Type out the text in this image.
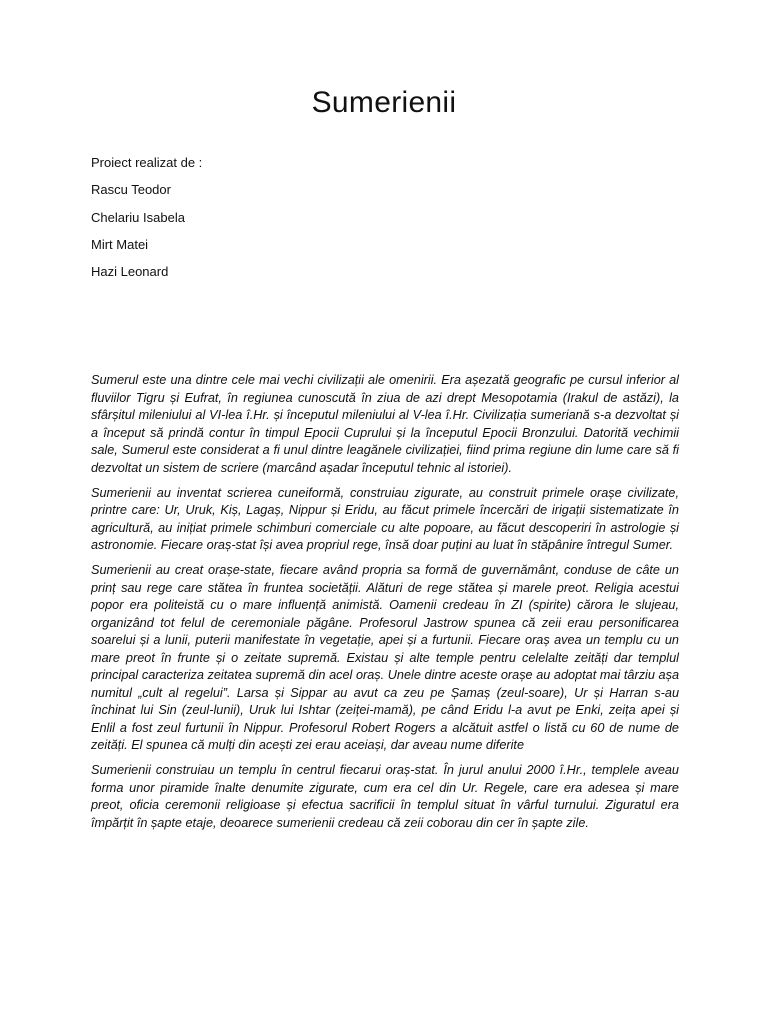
Sumerienii
Proiect realizat de :
Rascu Teodor
Chelariu Isabela
Mirt Matei
Hazi Leonard

Sumerul este una dintre cele mai vechi civilizații ale omenirii. Era așezată geografic pe cursul inferior al fluviilor Tigru și Eufrat, în regiunea cunoscută în ziua de azi drept Mesopotamia (Irakul de astăzi), la sfârșitul mileniului al VI-lea î.Hr. și începutul mileniului al V-lea î.Hr. Civilizația sumeriană s-a dezvoltat și a început să prindă contur în timpul Epocii Cuprului și la începutul Epocii Bronzului. Datorită vechimii sale, Sumerul este considerat a fi unul dintre leagănele civilizației, fiind prima regiune din lume care să fi dezvoltat un sistem de scriere (marcând așadar începutul tehnic al istoriei).

Sumerienii au inventat scrierea cuneiformă, construiau zigurate, au construit primele orașe civilizate, printre care: Ur, Uruk, Kiș, Lagaș, Nippur și Eridu, au făcut primele încercări de irigații sistematizate în agricultură, au inițiat primele schimburi comerciale cu alte popoare, au făcut descoperiri în astrologie și astronomie. Fiecare oraș-stat își avea propriul rege, însă doar puțini au luat în stăpânire întregul Sumer.

Sumerienii au creat orașe-state, fiecare având propria sa formă de guvernământ, conduse de câte un prinț sau rege care stătea în fruntea societății. Alături de rege stătea și marele preot. Religia acestui popor era politeistă cu o mare influență animistă. Oamenii credeau în ZI (spirite) cărora le slujeau, organizând tot felul de ceremoniale păgâne. Profesorul Jastrow spunea că zeii erau personificarea soarelui și a lunii, puterii manifestate în vegetație, apei și a furtunii. Fiecare oraș avea un templu cu un mare preot în frunte și o zeitate supremă. Existau și alte temple pentru celelalte zeități dar templul principal caracteriza zeitatea supremă din acel oraș. Unele dintre aceste orașe au adoptat mai târziu așa numitul „cult al regelui”. Larsa și Sippar au avut ca zeu pe Șamaș (zeul-soare), Ur și Harran s-au închinat lui Sin (zeul-lunii), Uruk lui Ishtar (zeiței-mamă), pe când Eridu l-a avut pe Enki, zeița apei și Enlil a fost zeul furtunii în Nippur. Profesorul Robert Rogers a alcătuit astfel o listă cu 60 de nume de zeități. El spunea că mulți din acești zei erau aceiași, dar aveau nume diferite

Sumerienii construiau un templu în centrul fiecarui oraș-stat. În jurul anului 2000 î.Hr., templele aveau forma unor piramide înalte denumite zigurate, cum era cel din Ur. Regele, care era adesea și mare preot, oficia ceremonii religioase și efectua sacrificii în templul situat în vârful turnului. Ziguratul era împărțit în șapte etaje, deoarece sumerienii credeau că zeii coborau din cer în șapte zile.
